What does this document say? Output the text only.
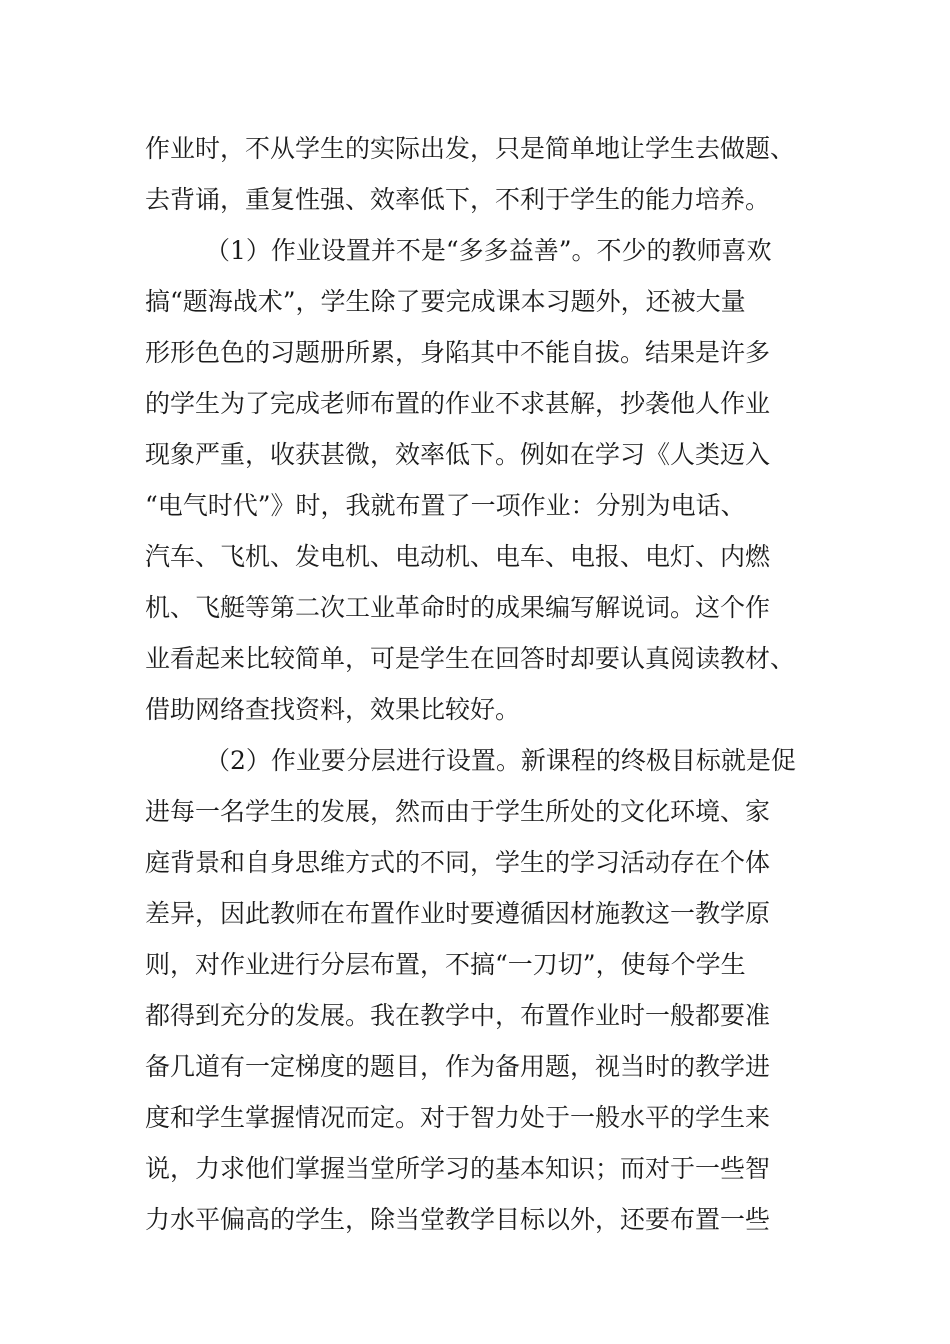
作业时，不从学生的实际出发，只是简单地让学生去做题、
去背诵，重复性强、效率低下，不利于学生的能力培养。
（1）作业设置并不是“多多益善”。不少的教师喜欢
搞“题海战术”，学生除了要完成课本习题外，还被大量
形形色色的习题册所累，身陷其中不能自拔。结果是许多
的学生为了完成老师布置的作业不求甚解，抄袭他人作业
现象严重，收获甚微，效率低下。例如在学习《人类迈入
“电气时代”》时，我就布置了一项作业：分别为电话、
汽车、飞机、发电机、电动机、电车、电报、电灯、内燃
机、飞艇等第二次工业革命时的成果编写解说词。这个作
业看起来比较简单，可是学生在回答时却要认真阅读教材、
借助网络查找资料，效果比较好。
（2）作业要分层进行设置。新课程的终极目标就是促
进每一名学生的发展，然而由于学生所处的文化环境、家
庭背景和自身思维方式的不同，学生的学习活动存在个体
差异，因此教师在布置作业时要遵循因材施教这一教学原
则，对作业进行分层布置，不搞“一刀切”，使每个学生
都得到充分的发展。我在教学中，布置作业时一般都要准
备几道有一定梯度的题目，作为备用题，视当时的教学进
度和学生掌握情况而定。对于智力处于一般水平的学生来
说，力求他们掌握当堂所学习的基本知识；而对于一些智
力水平偏高的学生，除当堂教学目标以外，还要布置一些
